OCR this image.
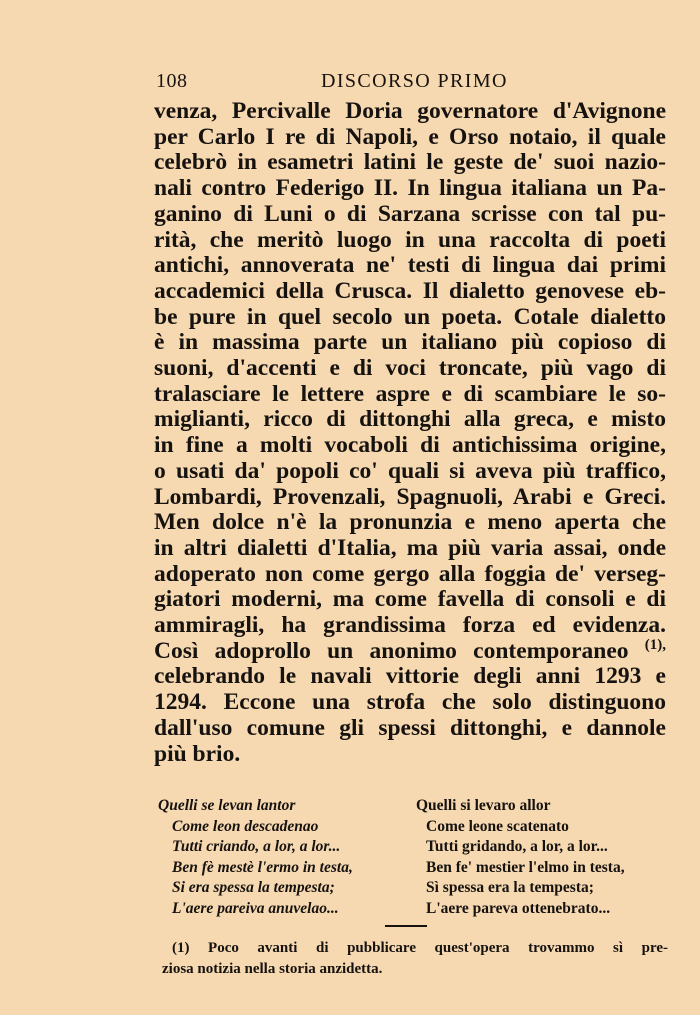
108	DISCORSO PRIMO
venza, Percivalle Doria governatore d'Avignone
per Carlo I re di Napoli, e Orso notaio, il quale
celebrò in esametri latini le geste de' suoi nazio-
nali contro Federigo II. In lingua italiana un Pa-
ganino di Luni o di Sarzana scrisse con tal pu-
rità, che meritò luogo in una raccolta di poeti
antichi, annoverata ne' testi di lingua dai primi
accademici della Crusca. Il dialetto genovese eb-
be pure in quel secolo un poeta. Cotale dialetto
è in massima parte un italiano più copioso di
suoni, d'accenti e di voci troncate, più vago di
tralasciare le lettere aspre e di scambiare le so-
miglianti, ricco di dittonghi alla greca, e misto
in fine a molti vocaboli di antichissima origine,
o usati da' popoli co' quali si aveva più traffico,
Lombardi, Provenzali, Spagnuoli, Arabi e Greci.
Men dolce n'è la pronunzia e meno aperta che
in altri dialetti d'Italia, ma più varia assai, onde
adoperato non come gergo alla foggia de' verseg-
giatori moderni, ma come favella di consoli e di
ammiragli, ha grandissima forza ed evidenza.
Così adoprollo un anonimo contemporaneo $^{(1),}$
celebrando le navali vittorie degli anni 1293 e
1294. Eccone una strofa che solo distinguono
dall'uso comune gli spessi dittonghi, e dannole
più brio.
Quelli se levan lantor
Come leon descadenao
Tutti criando, a lor, a lor...
Ben fè mestè l'ermo in testa,
Si era spessa la tempesta;
L'aere pareiva anuvelao...
Quelli si levaro allor
Come leone scatenato
Tutti gridando, a lor, a lor...
Ben fe' mestier l'elmo in testa,
Sì spessa era la tempesta;
L'aere pareva ottenebrato...
(1) Poco avanti di pubblicare quest'opera trovammo sì pre-
ziosa notizia nella storia anzidetta.
